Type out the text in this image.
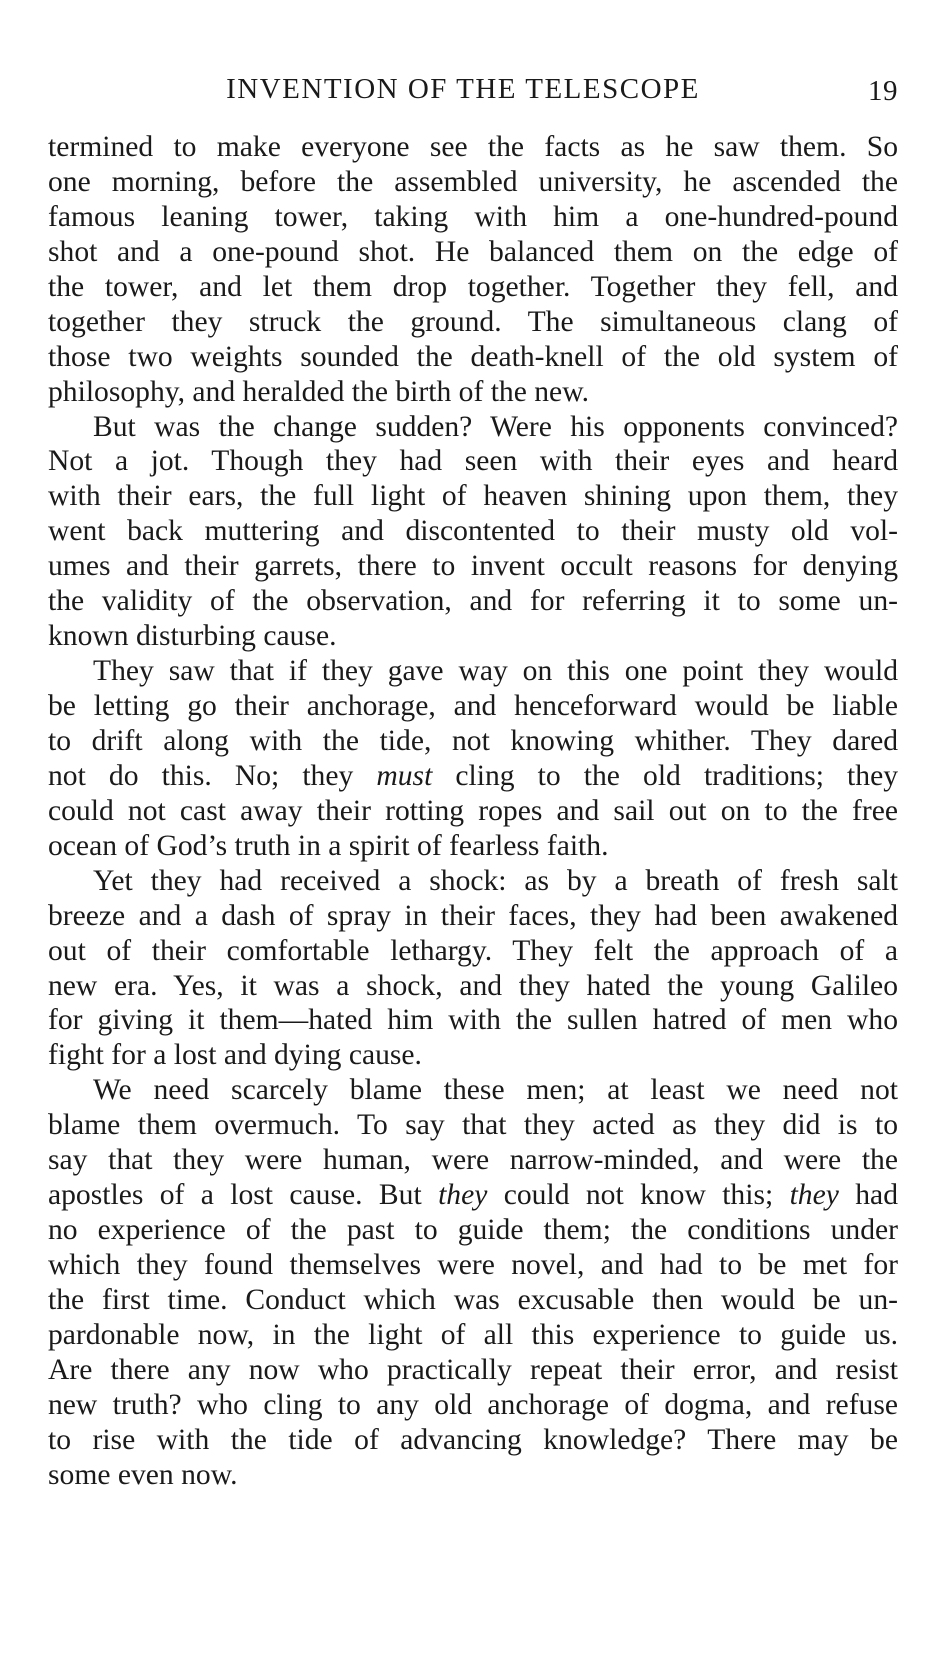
INVENTION OF THE TELESCOPE	19
termined to make everyone see the facts as he saw them. So
one morning, before the assembled university, he ascended the
famous leaning tower, taking with him a one-hundred-pound
shot and a one-pound shot. He balanced them on the edge of
the tower, and let them drop together. Together they fell, and
together they struck the ground. The simultaneous clang of
those two weights sounded the death-knell of the old system of
philosophy, and heralded the birth of the new.
But was the change sudden? Were his opponents convinced?
Not a jot. Though they had seen with their eyes and heard
with their ears, the full light of heaven shining upon them, they
went back muttering and discontented to their musty old vol-
umes and their garrets, there to invent occult reasons for denying
the validity of the observation, and for referring it to some un-
known disturbing cause.
They saw that if they gave way on this one point they would
be letting go their anchorage, and henceforward would be liable
to drift along with the tide, not knowing whither. They dared
not do this. No; they must cling to the old traditions; they
could not cast away their rotting ropes and sail out on to the free
ocean of God’s truth in a spirit of fearless faith.
Yet they had received a shock: as by a breath of fresh salt
breeze and a dash of spray in their faces, they had been awakened
out of their comfortable lethargy. They felt the approach of a
new era. Yes, it was a shock, and they hated the young Galileo
for giving it them—hated him with the sullen hatred of men who
fight for a lost and dying cause.
We need scarcely blame these men; at least we need not
blame them overmuch. To say that they acted as they did is to
say that they were human, were narrow-minded, and were the
apostles of a lost cause. But they could not know this; they had
no experience of the past to guide them; the conditions under
which they found themselves were novel, and had to be met for
the first time. Conduct which was excusable then would be un-
pardonable now, in the light of all this experience to guide us.
Are there any now who practically repeat their error, and resist
new truth? who cling to any old anchorage of dogma, and refuse
to rise with the tide of advancing knowledge? There may be
some even now.
